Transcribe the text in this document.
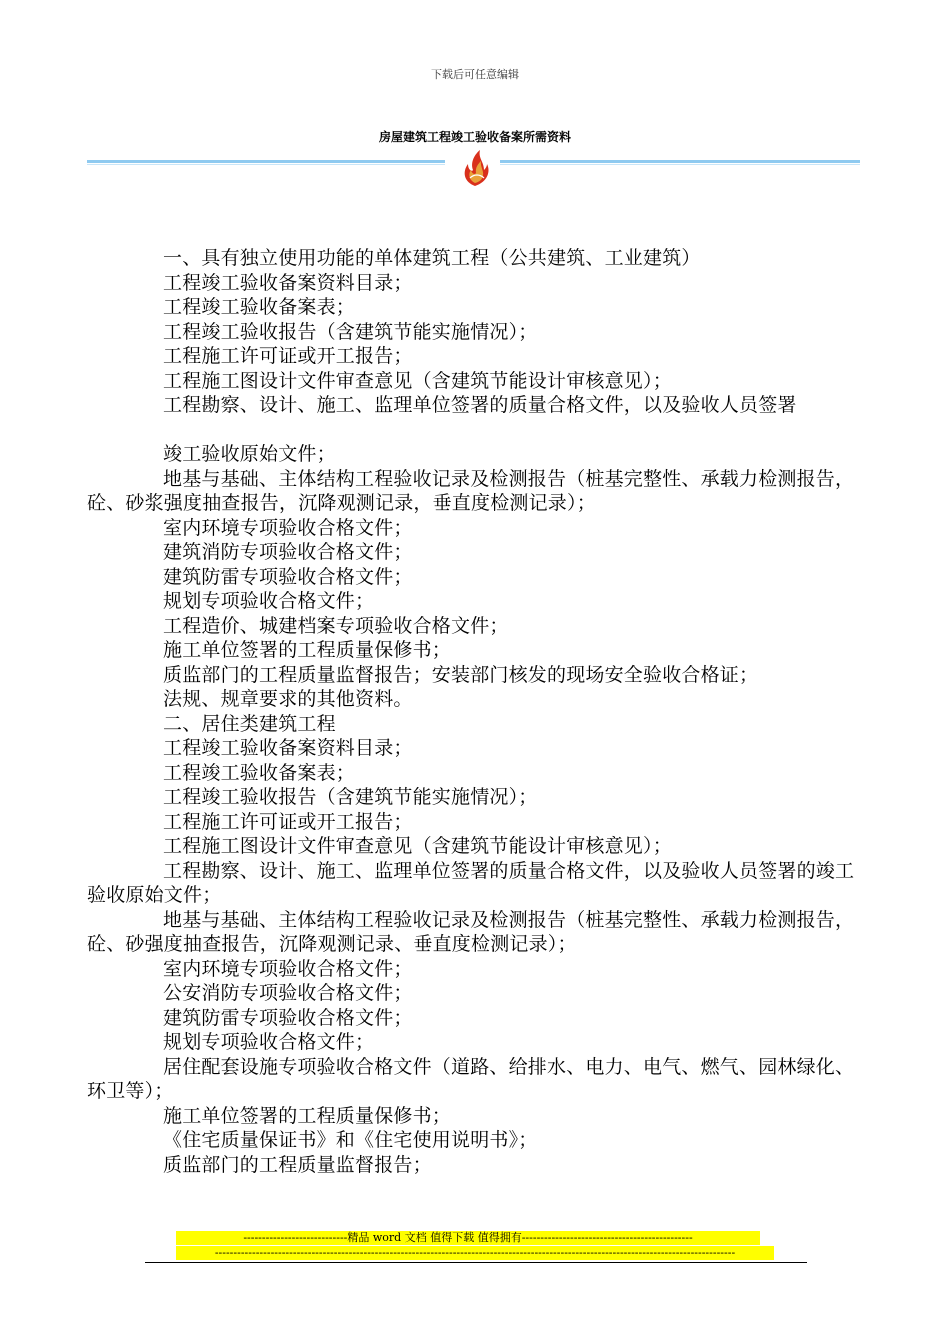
下载后可任意编辑
房屋建筑工程竣工验收备案所需资料

一、具有独立使用功能的单体建筑工程（公共建筑、工业建筑）

工程竣工验收备案资料目录；

工程竣工验收备案表；

工程竣工验收报告（含建筑节能实施情况）；

工程施工许可证或开工报告；

工程施工图设计文件审查意见（含建筑节能设计审核意见）；

工程勘察、设计、施工、监理单位签署的质量合格文件，以及验收人员签署

竣工验收原始文件；

地基与基础、主体结构工程验收记录及检测报告（桩基完整性、承载力检测报告，砼、砂浆强度抽查报告，沉降观测记录，垂直度检测记录）；

室内环境专项验收合格文件；

建筑消防专项验收合格文件；

建筑防雷专项验收合格文件；

规划专项验收合格文件；

工程造价、城建档案专项验收合格文件；

施工单位签署的工程质量保修书；

质监部门的工程质量监督报告；安装部门核发的现场安全验收合格证；

法规、规章要求的其他资料。

二、居住类建筑工程

工程竣工验收备案资料目录；

工程竣工验收备案表；

工程竣工验收报告（含建筑节能实施情况）；

工程施工许可证或开工报告；

工程施工图设计文件审查意见（含建筑节能设计审核意见）；

工程勘察、设计、施工、监理单位签署的质量合格文件，以及验收人员签署的竣工验收原始文件；

地基与基础、主体结构工程验收记录及检测报告（桩基完整性、承载力检测报告，砼、砂强度抽查报告，沉降观测记录、垂直度检测记录）；

室内环境专项验收合格文件；

公安消防专项验收合格文件；

建筑防雷专项验收合格文件；

规划专项验收合格文件；

居住配套设施专项验收合格文件（道路、给排水、电力、电气、燃气、园林绿化、环卫等）；

施工单位签署的工程质量保修书；

《住宅质量保证书》和《住宅使用说明书》；

质监部门的工程质量监督报告；

----------------------------精品 word 文档 值得下载 值得拥有----------------------------------------------
--------------------------------------------------------------------------------------------------------------------------------------------
